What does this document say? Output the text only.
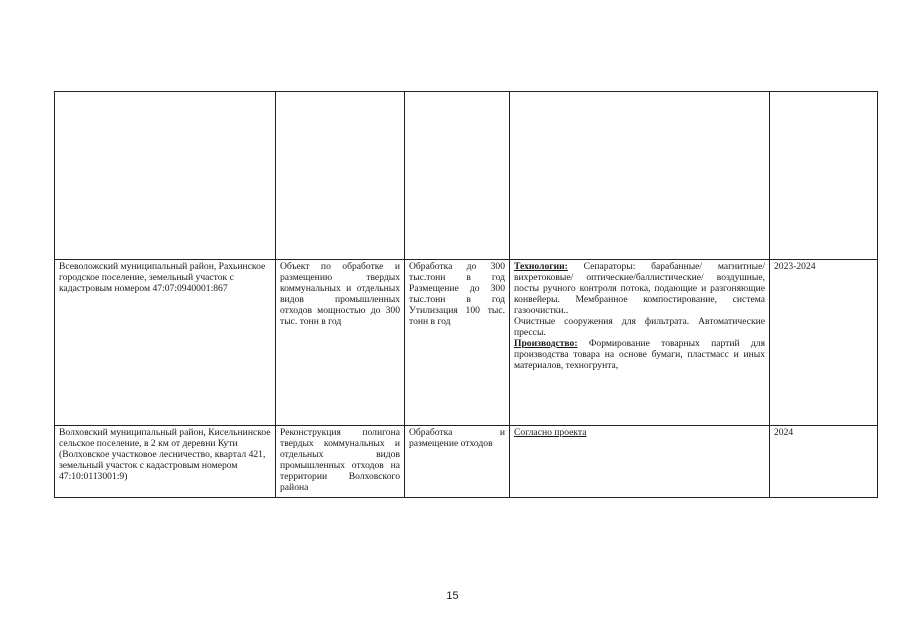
Всеволожский муниципальный район, Рахьинское городское поселение, земельный участок с кадастровым номером 47:07:0940001:867	Объект по обработке и размещению твердых коммунальных и отдельных видов промышленных отходов мощностью до 300 тыс. тонн в год	Обработка до 300 тыс.тонн в год Размещение до 300 тыс.тонн в год Утилизация 100 тыс. тонн в год	Технологии: Сепараторы: барабанные/ магнитные/вихретоковые/ оптические/баллистические/ воздушные, посты ручного контроля потока, подающие и разгоняющие конвейеры. Мембранное компостирование, система газоочистки..

Очистные сооружения для фильтрата. Автоматические прессы.

Производство: Формирование товарных партий для производства товара на основе бумаги, пластмасс и иных материалов, техногрунта,	2023-2024
Волховский муниципальный район, Кисельнинское сельское поселение, в 2 км от деревни Кути (Волховское участковое лесничество, квартал 421, земельный участок с кадастровым номером 47:10:0113001:9)	Реконструкция полигона твердых коммунальных и отдельных видов промышленных отходов на территории Волховского района	Обработка и размещение отходов	Согласно проекта	2024
15
